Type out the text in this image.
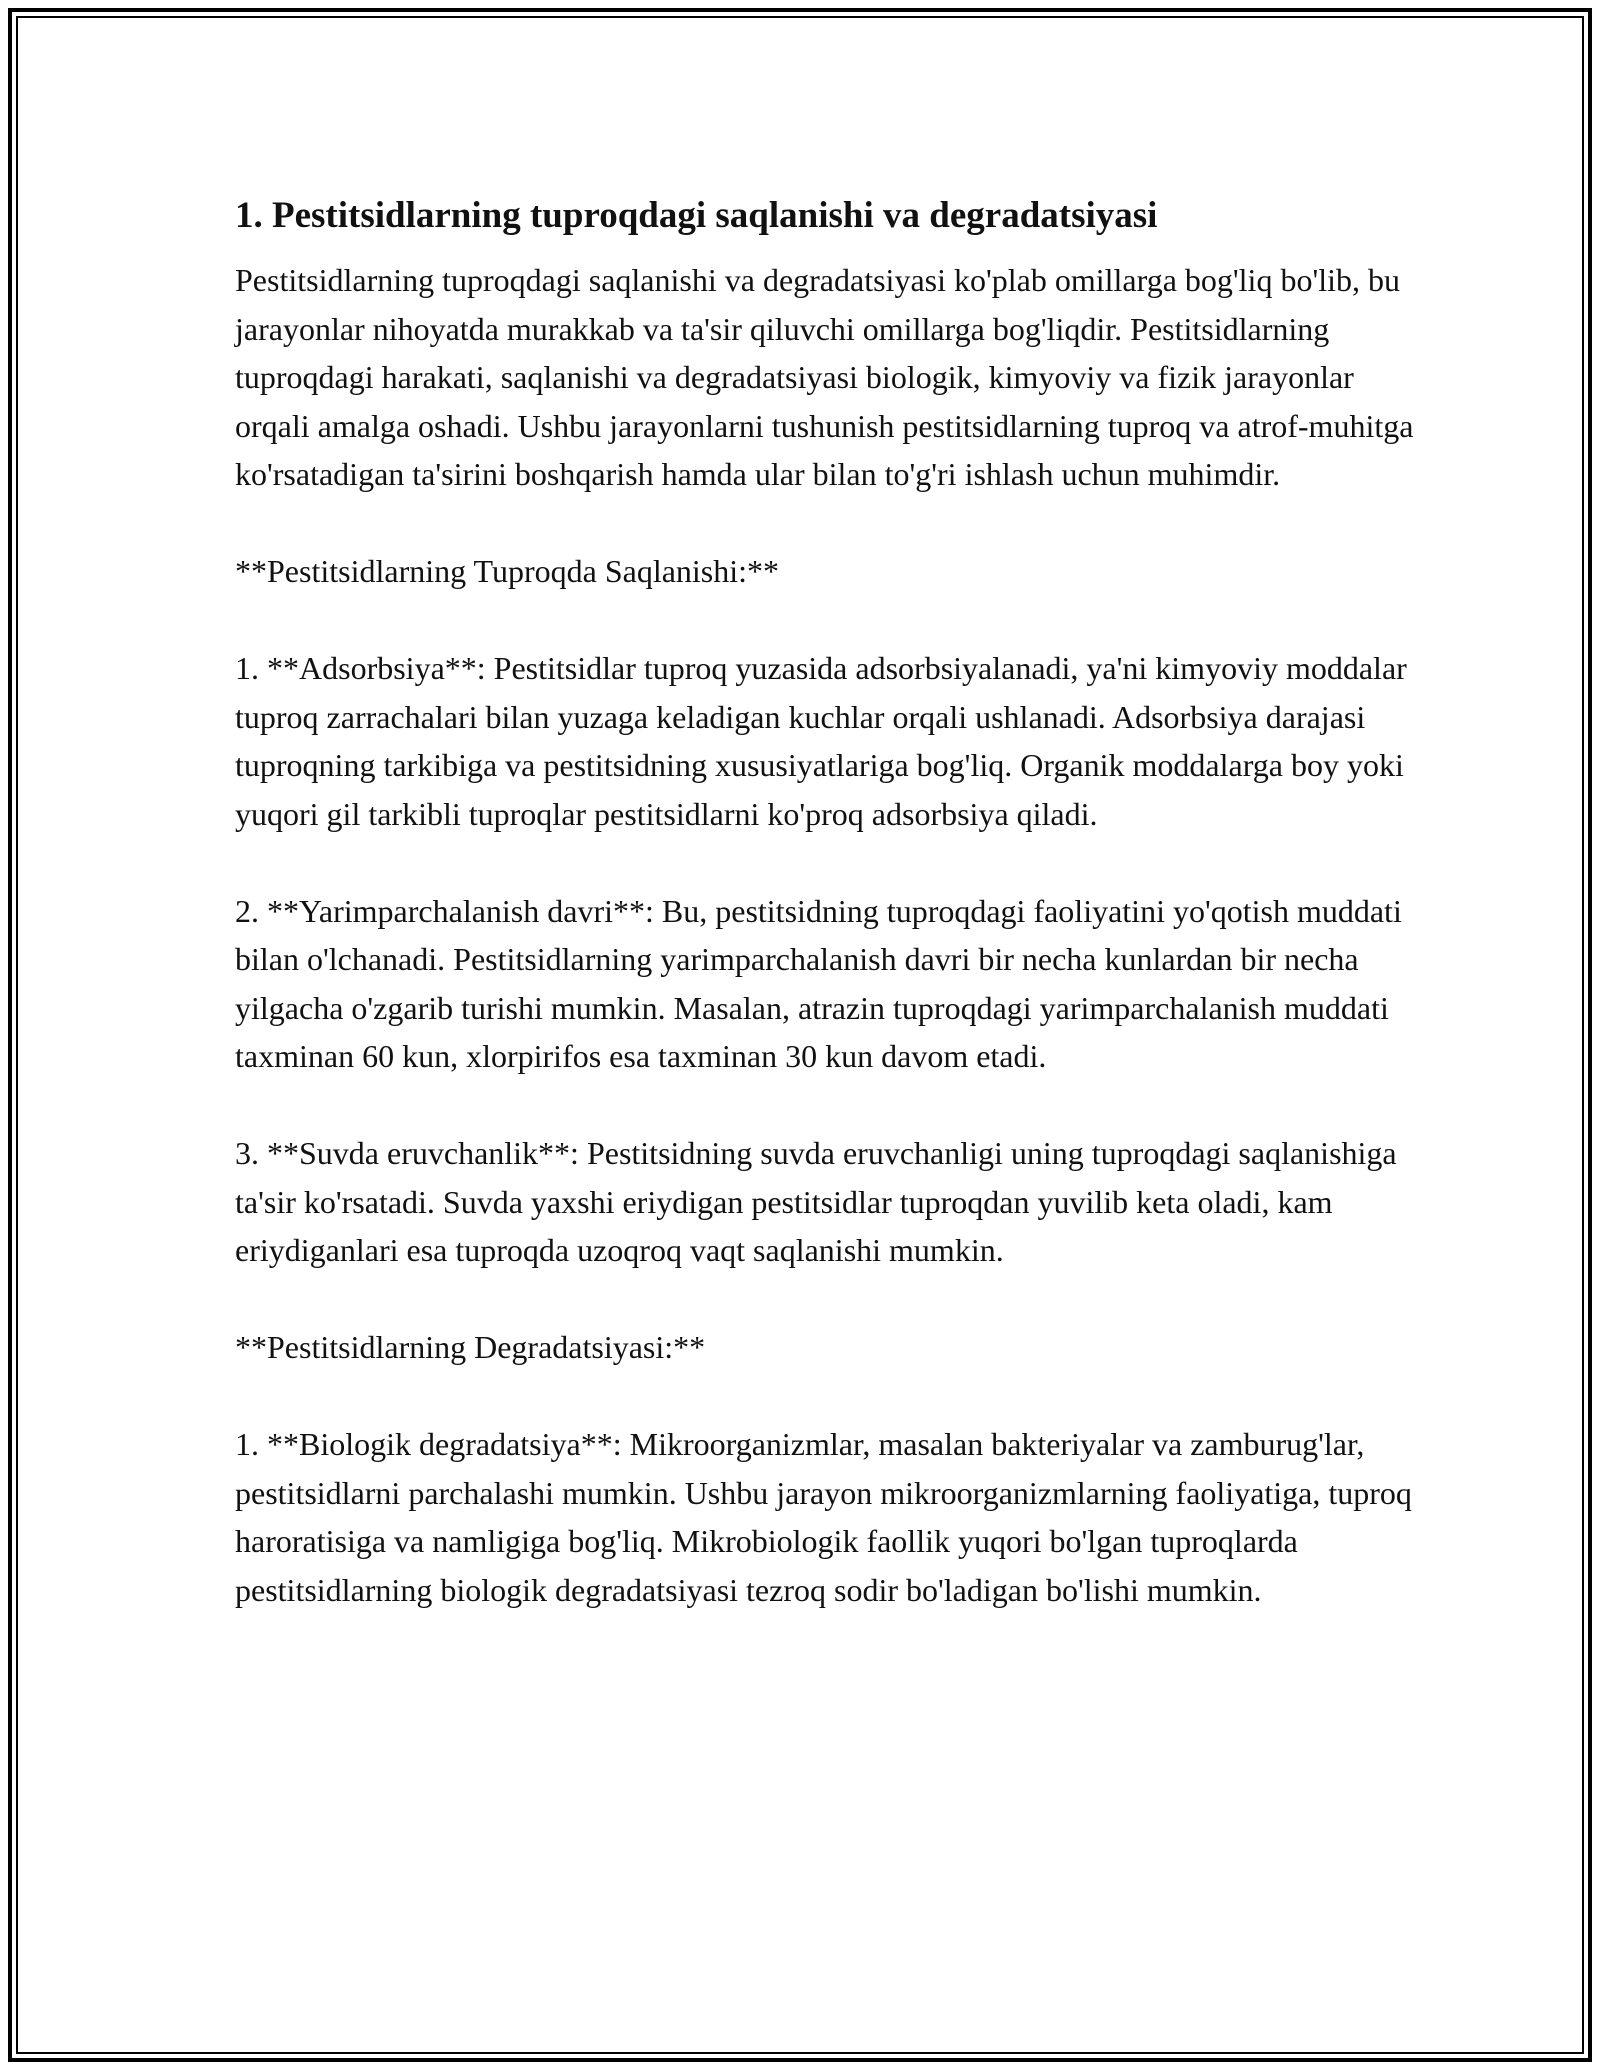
1. Pestitsidlarning tuproqdagi saqlanishi va degradatsiyasi

Pestitsidlarning tuproqdagi saqlanishi va degradatsiyasi ko'plab omillarga bog'liq bo'lib, bu jarayonlar nihoyatda murakkab va ta'sir qiluvchi omillarga bog'liqdir. Pestitsidlarning tuproqdagi harakati, saqlanishi va degradatsiyasi biologik, kimyoviy va fizik jarayonlar orqali amalga oshadi. Ushbu jarayonlarni tushunish pestitsidlarning tuproq va atrof-muhitga ko'rsatadigan ta'sirini boshqarish hamda ular bilan to'g'ri ishlash uchun muhimdir.

**Pestitsidlarning Tuproqda Saqlanishi:**

1. **Adsorbsiya**: Pestitsidlar tuproq yuzasida adsorbsiyalanadi, ya'ni kimyoviy moddalar tuproq zarrachalari bilan yuzaga keladigan kuchlar orqali ushlanadi. Adsorbsiya darajasi tuproqning tarkibiga va pestitsidning xususiyatlariga bog'liq. Organik moddalarga boy yoki yuqori gil tarkibli tuproqlar pestitsidlarni ko'proq adsorbsiya qiladi.

2. **Yarimparchalanish davri**: Bu, pestitsidning tuproqdagi faoliyatini yo'qotish muddati bilan o'lchanadi. Pestitsidlarning yarimparchalanish davri bir necha kunlardan bir necha yilgacha o'zgarib turishi mumkin. Masalan, atrazin tuproqdagi yarimparchalanish muddati taxminan 60 kun, xlorpirifos esa taxminan 30 kun davom etadi.

3. **Suvda eruvchanlik**: Pestitsidning suvda eruvchanligi uning tuproqdagi saqlanishiga ta'sir ko'rsatadi. Suvda yaxshi eriydigan pestitsidlar tuproqdan yuvilib keta oladi, kam eriydiganlari esa tuproqda uzoqroq vaqt saqlanishi mumkin.

**Pestitsidlarning Degradatsiyasi:**

1. **Biologik degradatsiya**: Mikroorganizmlar, masalan bakteriyalar va zamburug'lar, pestitsidlarni parchalashi mumkin. Ushbu jarayon mikroorganizmlarning faoliyatiga, tuproq haroratisiga va namligiga bog'liq. Mikrobiologik faollik yuqori bo'lgan tuproqlarda pestitsidlarning biologik degradatsiyasi tezroq sodir bo'ladigan bo'lishi mumkin.
